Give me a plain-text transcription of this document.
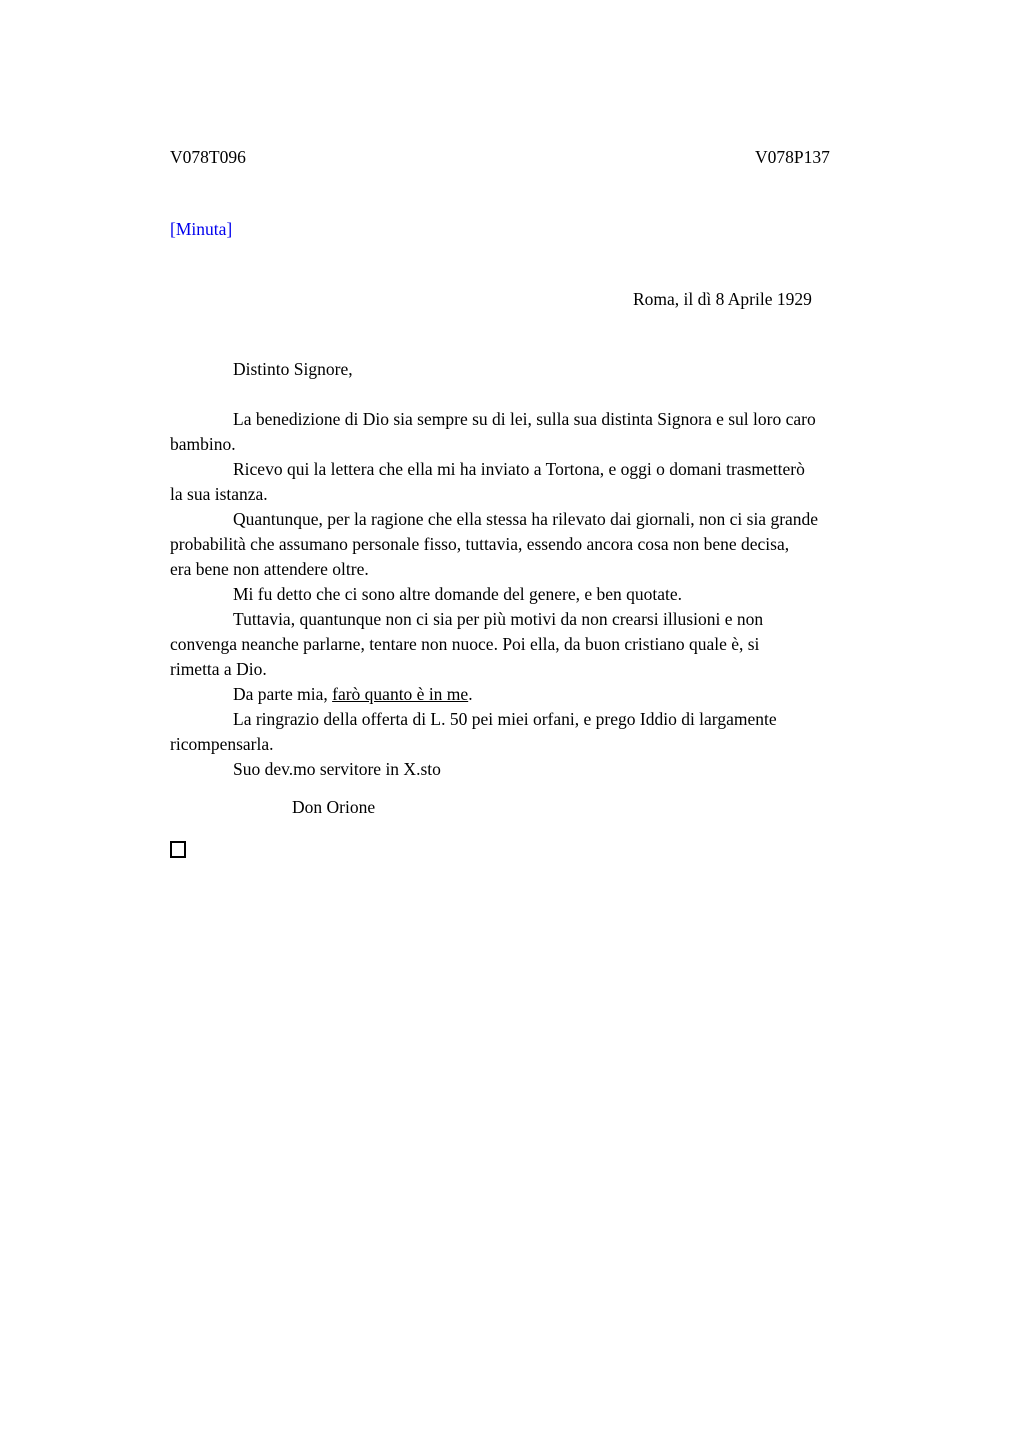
V078T096	V078P137
[Minuta]
Roma, il dì 8 Aprile 1929
Distinto Signore,
La benedizione di Dio sia sempre su di lei, sulla sua distinta Signora e sul loro caro
bambino.
Ricevo qui la lettera che ella mi ha inviato a Tortona, e oggi o domani trasmetterò
la sua istanza.
Quantunque, per la ragione che ella stessa ha rilevato dai giornali, non ci sia grande
probabilità che assumano personale fisso, tuttavia, essendo ancora cosa non bene decisa,
era bene non attendere oltre.
Mi fu detto che ci sono altre domande del genere, e ben quotate.
Tuttavia, quantunque non ci sia per più motivi da non crearsi illusioni e non
convenga neanche parlarne, tentare non nuoce. Poi ella, da buon cristiano quale è, si
rimetta a Dio.
Da parte mia, farò quanto è in me.
La ringrazio della offerta di L. 50 pei miei orfani, e prego Iddio di largamente
ricompensarla.
Suo dev.mo servitore in X.sto
Don Orione
